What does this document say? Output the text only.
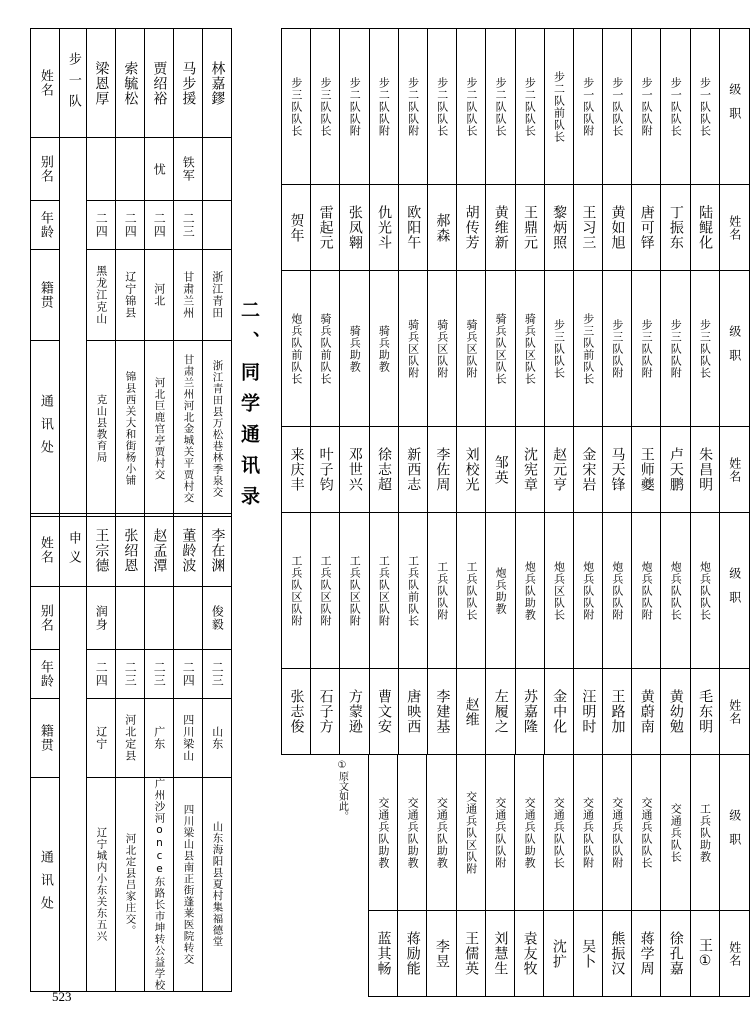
姓名	步一队	梁恩厚	索毓松	贾绍裕	马步援	林嘉鏐

别名				忧	铁军	

年龄		二四	二四	二四	二三	

籍贯		黑龙江克山	辽宁锦县	河北	甘肃兰州	浙江青田

通讯处		克山县教育局	锦县西关大和街杨小铺	河北巨鹿官亭贾村交	甘肃兰州河北金城关平贾村交	浙江青田县万松巷林季泉交
姓名	申义	王宗德	张绍恩	赵孟潭	董龄波	李在渊

别名		润身				俊毅

年龄		二四	二三	二三	二四	二三

籍贯		辽宁	河北定县	广东	四川梁山	山东

通讯处		辽宁城内小东关东五兴	河北定县吕家庄交。	广州沙河once东路长市坤转公益学校	四川梁山县南正街蓬莱医院转交	山东海阳县夏村集福德堂
二、同学通讯录
步三队队长	步三队队长	步二队队附	步二队队附	步二队队附	步二队队长	步二队队长	步二队队长	步二队队长	步二队前队长	步一队队附	步一队队长	步一队队附	步一队队长	步一队队长	级职

贺年	雷起元	张凤翱	仇光斗	欧阳午	郝森	胡传芳	黄维新	王鼎元	黎炳照	王习三	黄如旭	唐可铎	丁振东	陆鲲化	姓名
炮兵队前队长	骑兵队前队长	骑兵助教	骑兵助教	骑兵区队附	骑兵区队附	骑兵区队附	骑兵队区队长	骑兵队区队长	步三队队长	步三队前队长	步三队队附	步三队队附	步三队队附	步三队队长	级职

来庆丰	叶子钧	邓世兴	徐志超	新西志	李佐周	刘校光	邹英	沈宪章	赵元亨	金宋岩	马天锋	王师夔	卢天鹏	朱昌明	姓名
工兵队区队附	工兵队区队附	工兵队区队附	工兵队区队附	工兵队前队长	工兵队队附	工兵队队长	炮兵助教	炮兵队助教	炮兵区队长	炮兵队队附	炮兵队队附	炮兵队队附	炮兵队队长	炮兵队队长	级职

张志俊	石子方	方蒙逊	曹文安	唐映西	李建基	赵维	左履之	苏嘉隆	金中化	汪明时	王路加	黄蔚南	黄幼勉	毛东明	姓名
交通兵队助教	交通兵队助教	交通兵队助教	交通兵队区队附	交通兵队队附	交通兵队助教	交通兵队队长	交通兵队队附	交通兵队队附	交通兵队队长	交通兵队长	工兵队助教	级职

蓝其畅	蒋励能	李昱	王儒英	刘慧生	袁友牧	沈扩	吴卜	熊振汉	蒋学周	徐孔嘉	王①	姓名
①原文如此。
523
